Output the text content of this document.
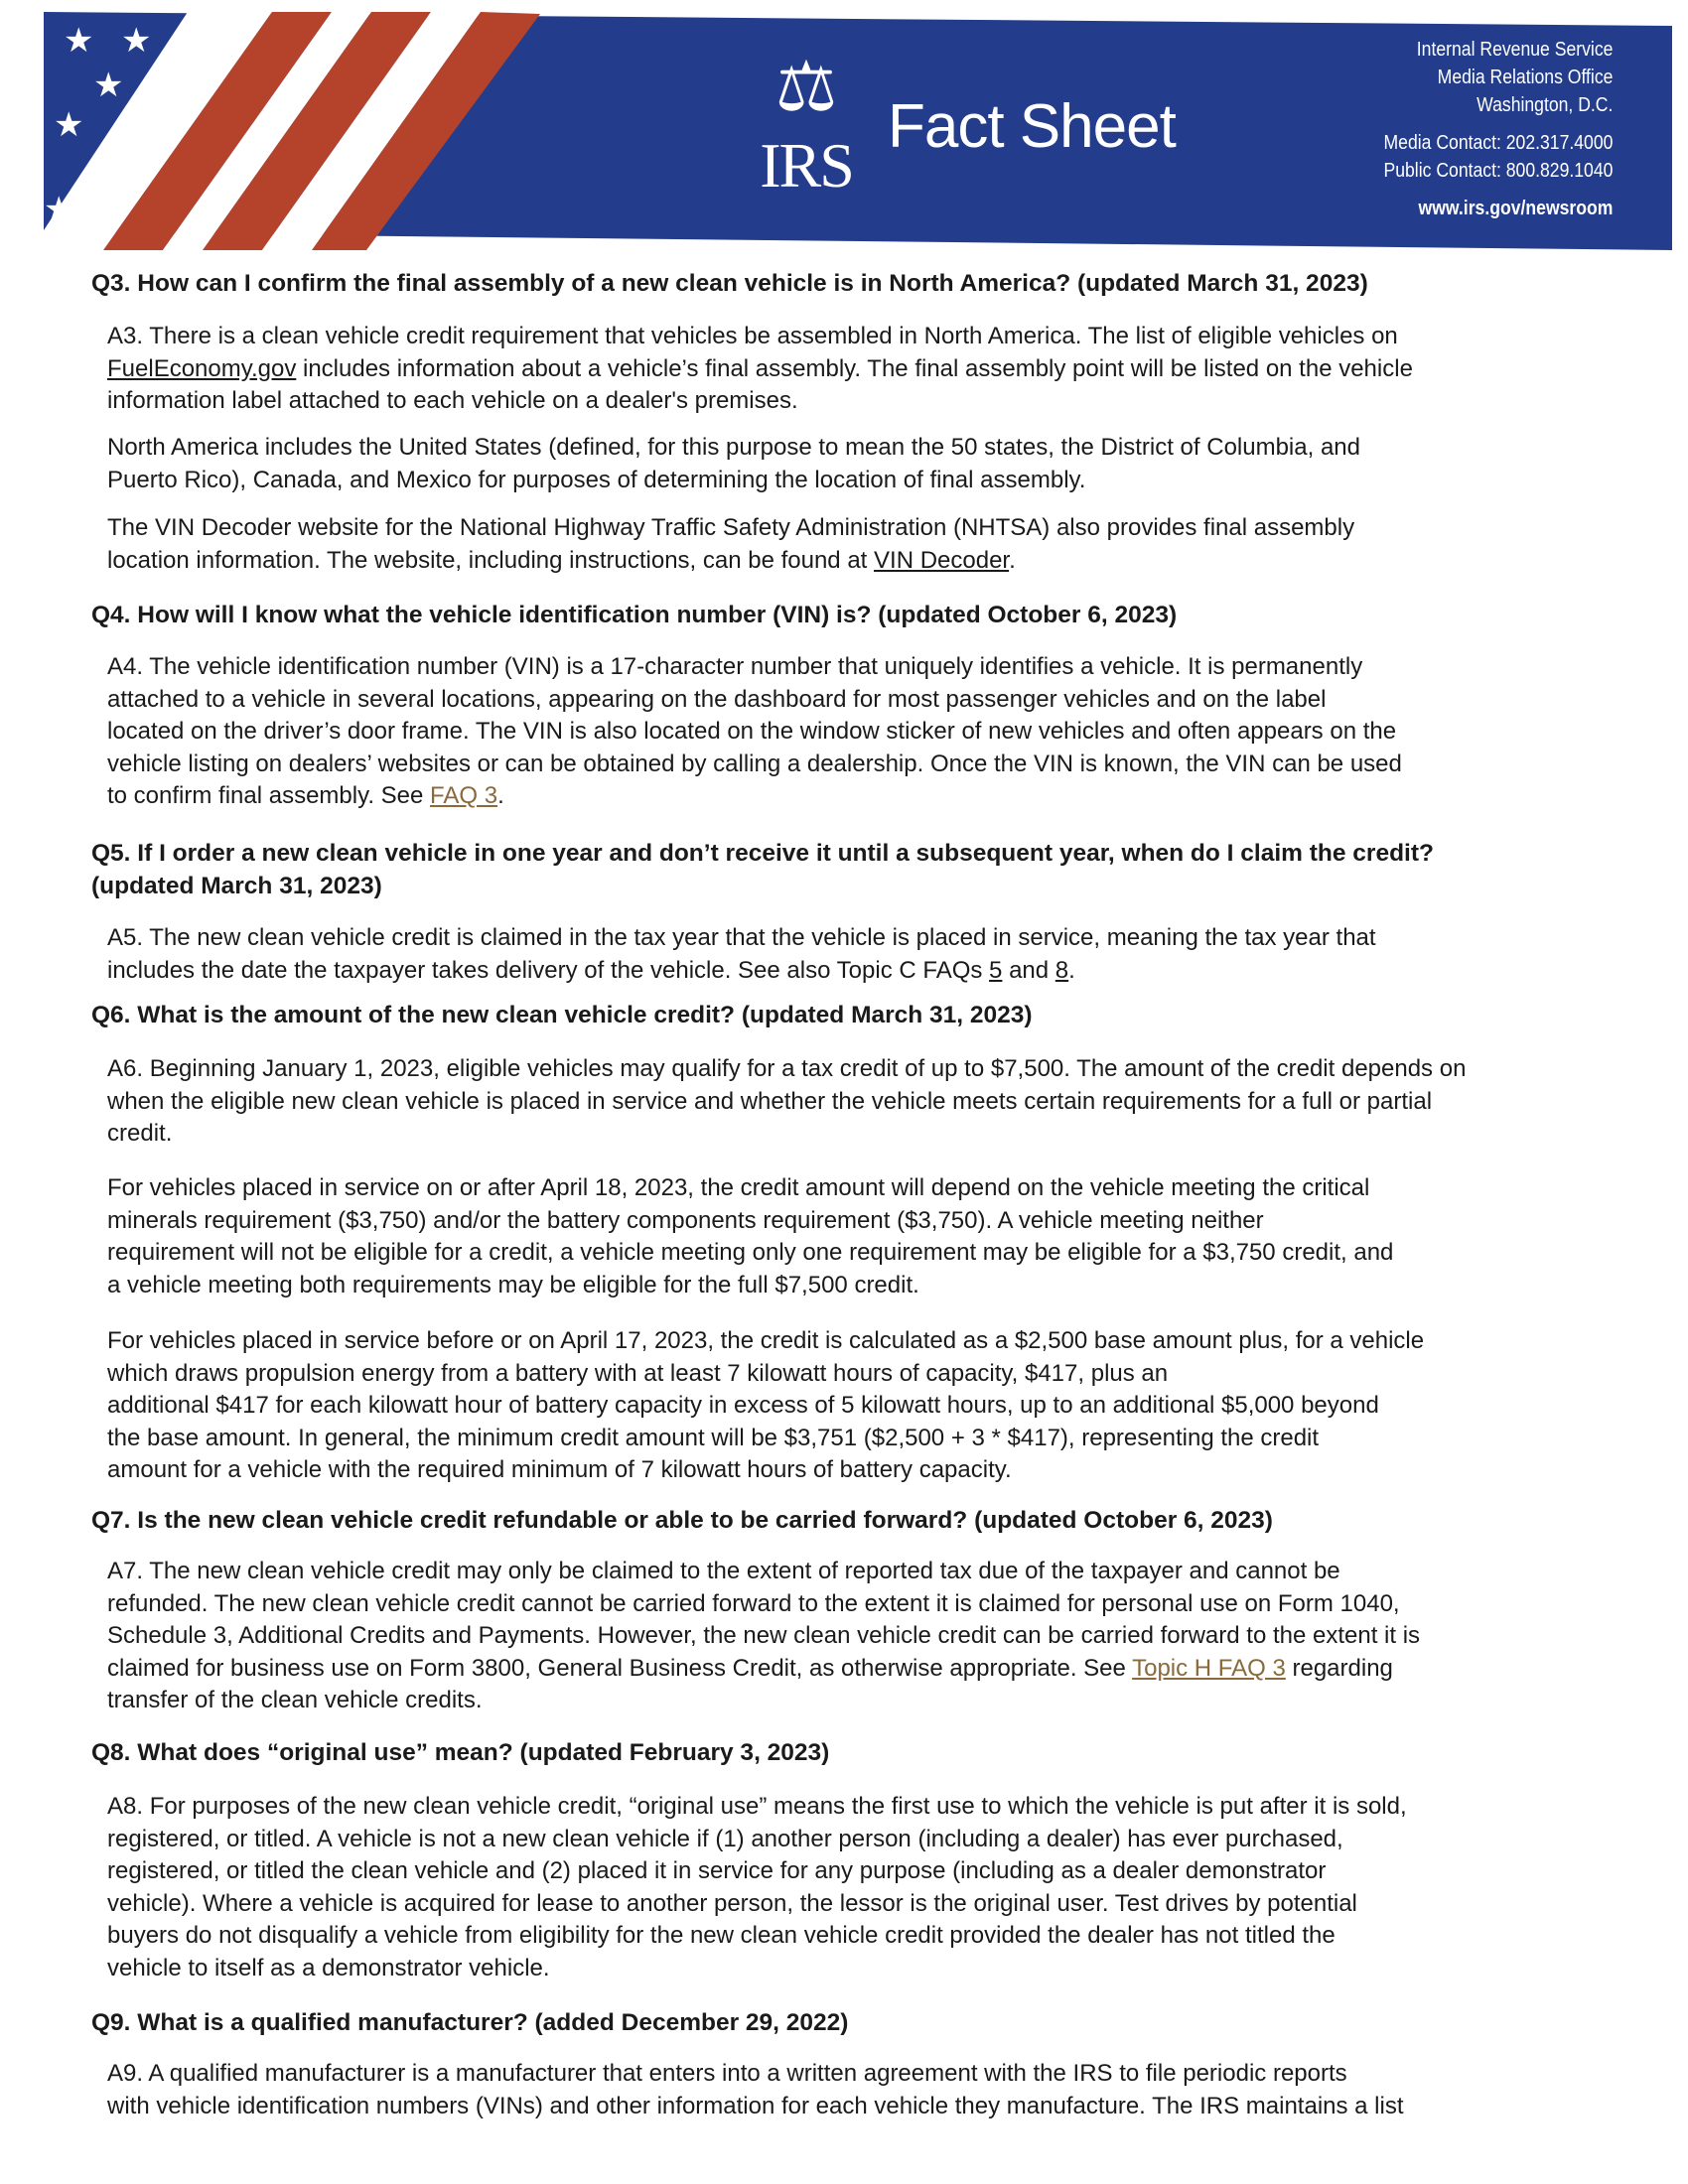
★ ★ ★
★ ★
★ ★
★
★
⚖
IRS
Fact Sheet
Internal Revenue Service
Media Relations Office
Washington, D.C.
Media Contact: 202.317.4000
Public Contact: 800.829.1040
www.irs.gov/newsroom
Q3. How can I confirm the final assembly of a new clean vehicle is in North America? (updated March 31, 2023)
A3. There is a clean vehicle credit requirement that vehicles be assembled in North America. The list of eligible vehicles on
FuelEconomy.gov includes information about a vehicle’s final assembly. The final assembly point will be listed on the vehicle
information label attached to each vehicle on a dealer's premises.
North America includes the United States (defined, for this purpose to mean the 50 states, the District of Columbia, and
Puerto Rico), Canada, and Mexico for purposes of determining the location of final assembly.
The VIN Decoder website for the National Highway Traffic Safety Administration (NHTSA) also provides final assembly
location information. The website, including instructions, can be found at VIN Decoder.
Q4. How will I know what the vehicle identification number (VIN) is? (updated October 6, 2023)
A4. The vehicle identification number (VIN) is a 17-character number that uniquely identifies a vehicle. It is permanently
attached to a vehicle in several locations, appearing on the dashboard for most passenger vehicles and on the label
located on the driver’s door frame. The VIN is also located on the window sticker of new vehicles and often appears on the
vehicle listing on dealers’ websites or can be obtained by calling a dealership. Once the VIN is known, the VIN can be used
to confirm final assembly. See FAQ 3.
Q5. If I order a new clean vehicle in one year and don’t receive it until a subsequent year, when do I claim the credit?
(updated March 31, 2023)
A5. The new clean vehicle credit is claimed in the tax year that the vehicle is placed in service, meaning the tax year that
includes the date the taxpayer takes delivery of the vehicle. See also Topic C FAQs 5 and 8.
Q6. What is the amount of the new clean vehicle credit? (updated March 31, 2023)
A6. Beginning January 1, 2023, eligible vehicles may qualify for a tax credit of up to $7,500. The amount of the credit depends on
when the eligible new clean vehicle is placed in service and whether the vehicle meets certain requirements for a full or partial
credit.
For vehicles placed in service on or after April 18, 2023, the credit amount will depend on the vehicle meeting the critical
minerals requirement ($3,750) and/or the battery components requirement ($3,750). A vehicle meeting neither
requirement will not be eligible for a credit, a vehicle meeting only one requirement may be eligible for a $3,750 credit, and
a vehicle meeting both requirements may be eligible for the full $7,500 credit.
For vehicles placed in service before or on April 17, 2023, the credit is calculated as a $2,500 base amount plus, for a vehicle
which draws propulsion energy from a battery with at least 7 kilowatt hours of capacity, $417, plus an
additional $417 for each kilowatt hour of battery capacity in excess of 5 kilowatt hours, up to an additional $5,000 beyond
the base amount. In general, the minimum credit amount will be $3,751 ($2,500 + 3 * $417), representing the credit
amount for a vehicle with the required minimum of 7 kilowatt hours of battery capacity.
Q7. Is the new clean vehicle credit refundable or able to be carried forward? (updated October 6, 2023)
A7. The new clean vehicle credit may only be claimed to the extent of reported tax due of the taxpayer and cannot be
refunded. The new clean vehicle credit cannot be carried forward to the extent it is claimed for personal use on Form 1040,
Schedule 3, Additional Credits and Payments. However, the new clean vehicle credit can be carried forward to the extent it is
claimed for business use on Form 3800, General Business Credit, as otherwise appropriate. See Topic H FAQ 3 regarding
transfer of the clean vehicle credits.
Q8. What does “original use” mean? (updated February 3, 2023)
A8. For purposes of the new clean vehicle credit, “original use” means the first use to which the vehicle is put after it is sold,
registered, or titled. A vehicle is not a new clean vehicle if (1) another person (including a dealer) has ever purchased,
registered, or titled the clean vehicle and (2) placed it in service for any purpose (including as a dealer demonstrator
vehicle). Where a vehicle is acquired for lease to another person, the lessor is the original user. Test drives by potential
buyers do not disqualify a vehicle from eligibility for the new clean vehicle credit provided the dealer has not titled the
vehicle to itself as a demonstrator vehicle.
Q9. What is a qualified manufacturer? (added December 29, 2022)
A9. A qualified manufacturer is a manufacturer that enters into a written agreement with the IRS to file periodic reports
with vehicle identification numbers (VINs) and other information for each vehicle they manufacture. The IRS maintains a list
